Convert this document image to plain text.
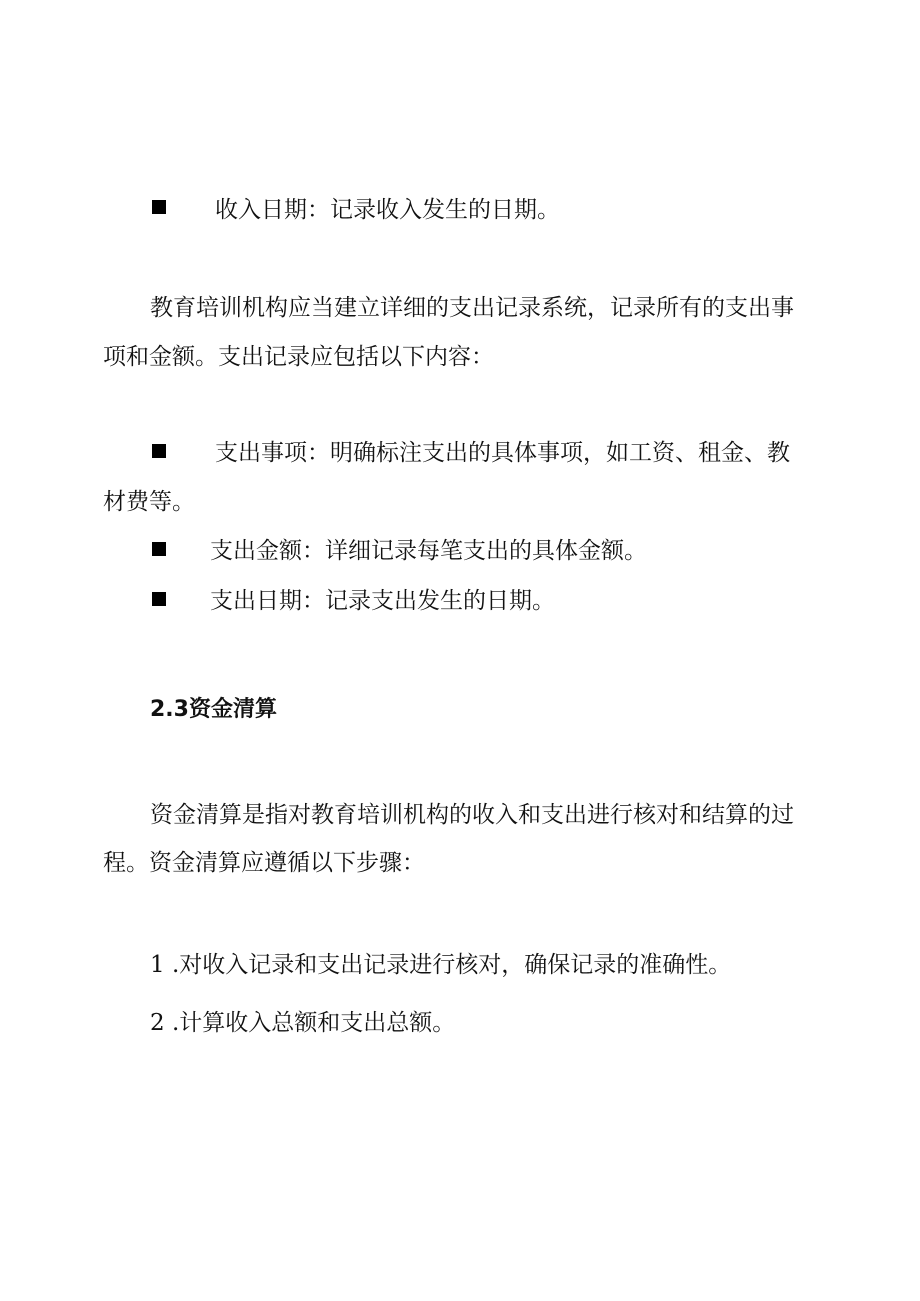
收入日期：记录收入发生的日期。
教育培训机构应当建立详细的支出记录系统，记录所有的支出事
项和金额。支出记录应包括以下内容：
支出事项：明确标注支出的具体事项，如工资、租金、教
材费等。
支出金额：详细记录每笔支出的具体金额。
支出日期：记录支出发生的日期。
2.3资金清算
资金清算是指对教育培训机构的收入和支出进行核对和结算的过
程。资金清算应遵循以下步骤：
1 .对收入记录和支出记录进行核对，确保记录的准确性。
2 .计算收入总额和支出总额。
